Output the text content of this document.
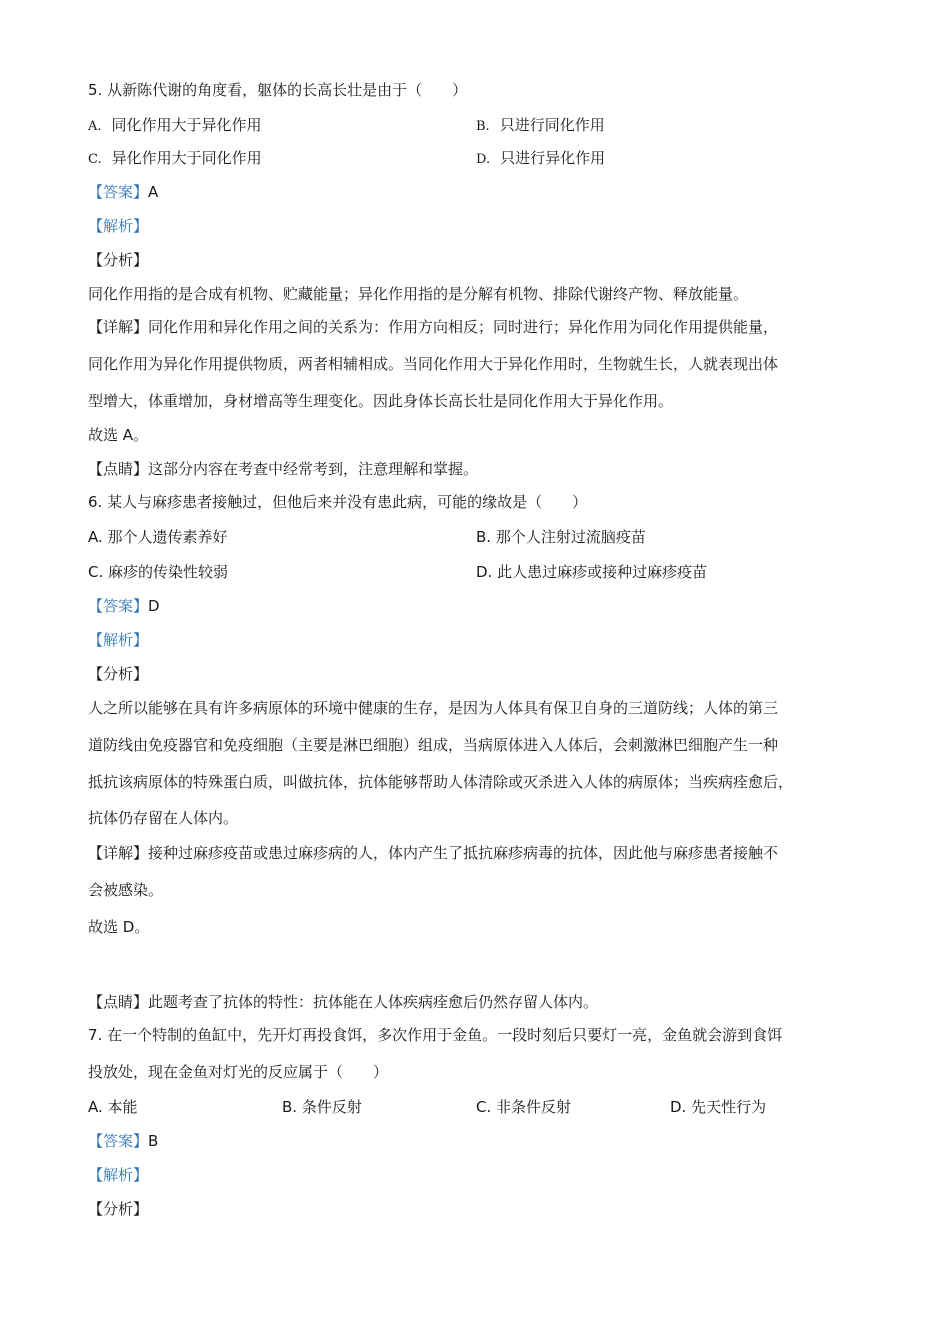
5. 从新陈代谢的角度看，躯体的长高长壮是由于（　　）
A. 同化作用大于异化作用	B. 只进行同化作用
C. 异化作用大于同化作用	D. 只进行异化作用
【答案】A
【解析】
【分析】
同化作用指的是合成有机物、贮藏能量；异化作用指的是分解有机物、排除代谢终产物、释放能量。
【详解】同化作用和异化作用之间的关系为：作用方向相反；同时进行；异化作用为同化作用提供能量，
同化作用为异化作用提供物质，两者相辅相成。当同化作用大于异化作用时，生物就生长，人就表现出体
型增大，体重增加，身材增高等生理变化。因此身体长高长壮是同化作用大于异化作用。
故选 A。
【点睛】这部分内容在考查中经常考到，注意理解和掌握。
6. 某人与麻疹患者接触过，但他后来并没有患此病，可能的缘故是（　　）
A. 那个人遗传素养好	B. 那个人注射过流脑疫苗
C. 麻疹的传染性较弱	D. 此人患过麻疹或接种过麻疹疫苗
【答案】D
【解析】
【分析】
人之所以能够在具有许多病原体的环境中健康的生存，是因为人体具有保卫自身的三道防线；人体的第三
道防线由免疫器官和免疫细胞（主要是淋巴细胞）组成，当病原体进入人体后，会刺激淋巴细胞产生一种
抵抗该病原体的特殊蛋白质，叫做抗体，抗体能够帮助人体清除或灭杀进入人体的病原体；当疾病痊愈后，
抗体仍存留在人体内。
【详解】接种过麻疹疫苗或患过麻疹病的人，体内产生了抵抗麻疹病毒的抗体，因此他与麻疹患者接触不
会被感染。
故选 D。
【点睛】此题考查了抗体的特性：抗体能在人体疾病痊愈后仍然存留人体内。
7. 在一个特制的鱼缸中，先开灯再投食饵，多次作用于金鱼。一段时刻后只要灯一亮，金鱼就会游到食饵
投放处，现在金鱼对灯光的反应属于（　　）
A. 本能	B. 条件反射	C. 非条件反射	D. 先天性行为
【答案】B
【解析】
【分析】
